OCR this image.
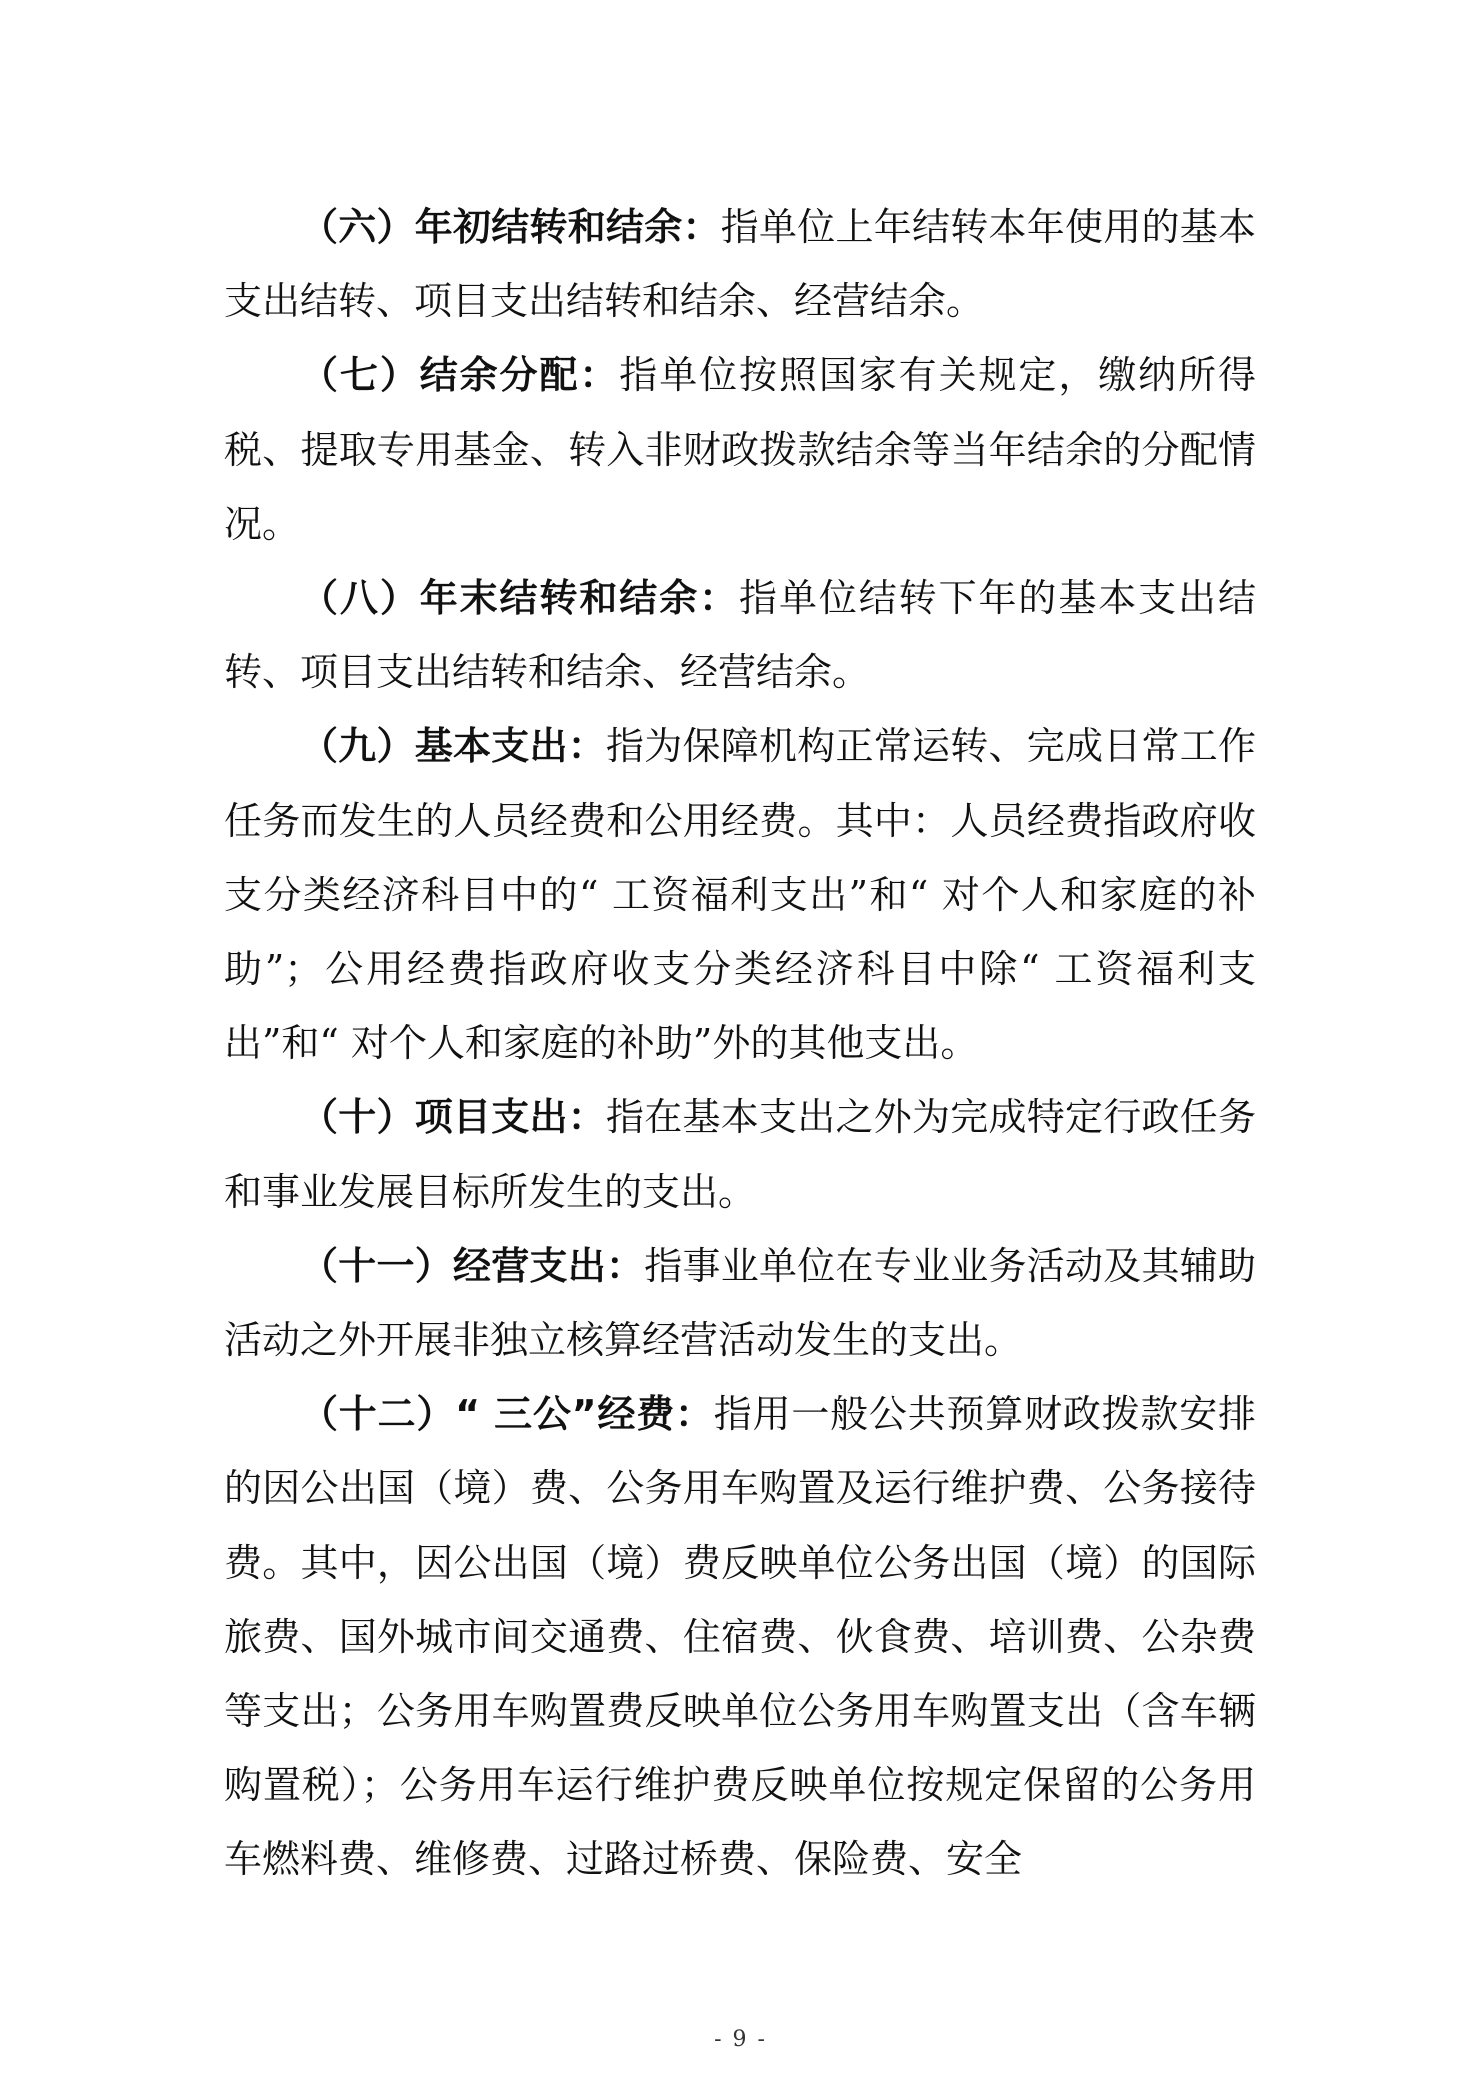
（六）年初结转和结余：指单位上年结转本年使用的基本支出结转、项目支出结转和结余、经营结余。

（七）结余分配：指单位按照国家有关规定，缴纳所得税、提取专用基金、转入非财政拨款结余等当年结余的分配情况。

（八）年末结转和结余：指单位结转下年的基本支出结转、项目支出结转和结余、经营结余。

（九）基本支出：指为保障机构正常运转、完成日常工作任务而发生的人员经费和公用经费。其中：人员经费指政府收支分类经济科目中的“ 工资福利支出”和“ 对个人和家庭的补助”；公用经费指政府收支分类经济科目中除“ 工资福利支出”和“ 对个人和家庭的补助”外的其他支出。

（十）项目支出：指在基本支出之外为完成特定行政任务和事业发展目标所发生的支出。

（十一）经营支出：指事业单位在专业业务活动及其辅助活动之外开展非独立核算经营活动发生的支出。

（十二）“ 三公”经费：指用一般公共预算财政拨款安排的因公出国（境）费、公务用车购置及运行维护费、公务接待费。其中，因公出国（境）费反映单位公务出国（境）的国际旅费、国外城市间交通费、住宿费、伙食费、培训费、公杂费等支出；公务用车购置费反映单位公务用车购置支出（含车辆购置税）；公务用车运行维护费反映单位按规定保留的公务用车燃料费、维修费、过路过桥费、保险费、安全

- 9 -
